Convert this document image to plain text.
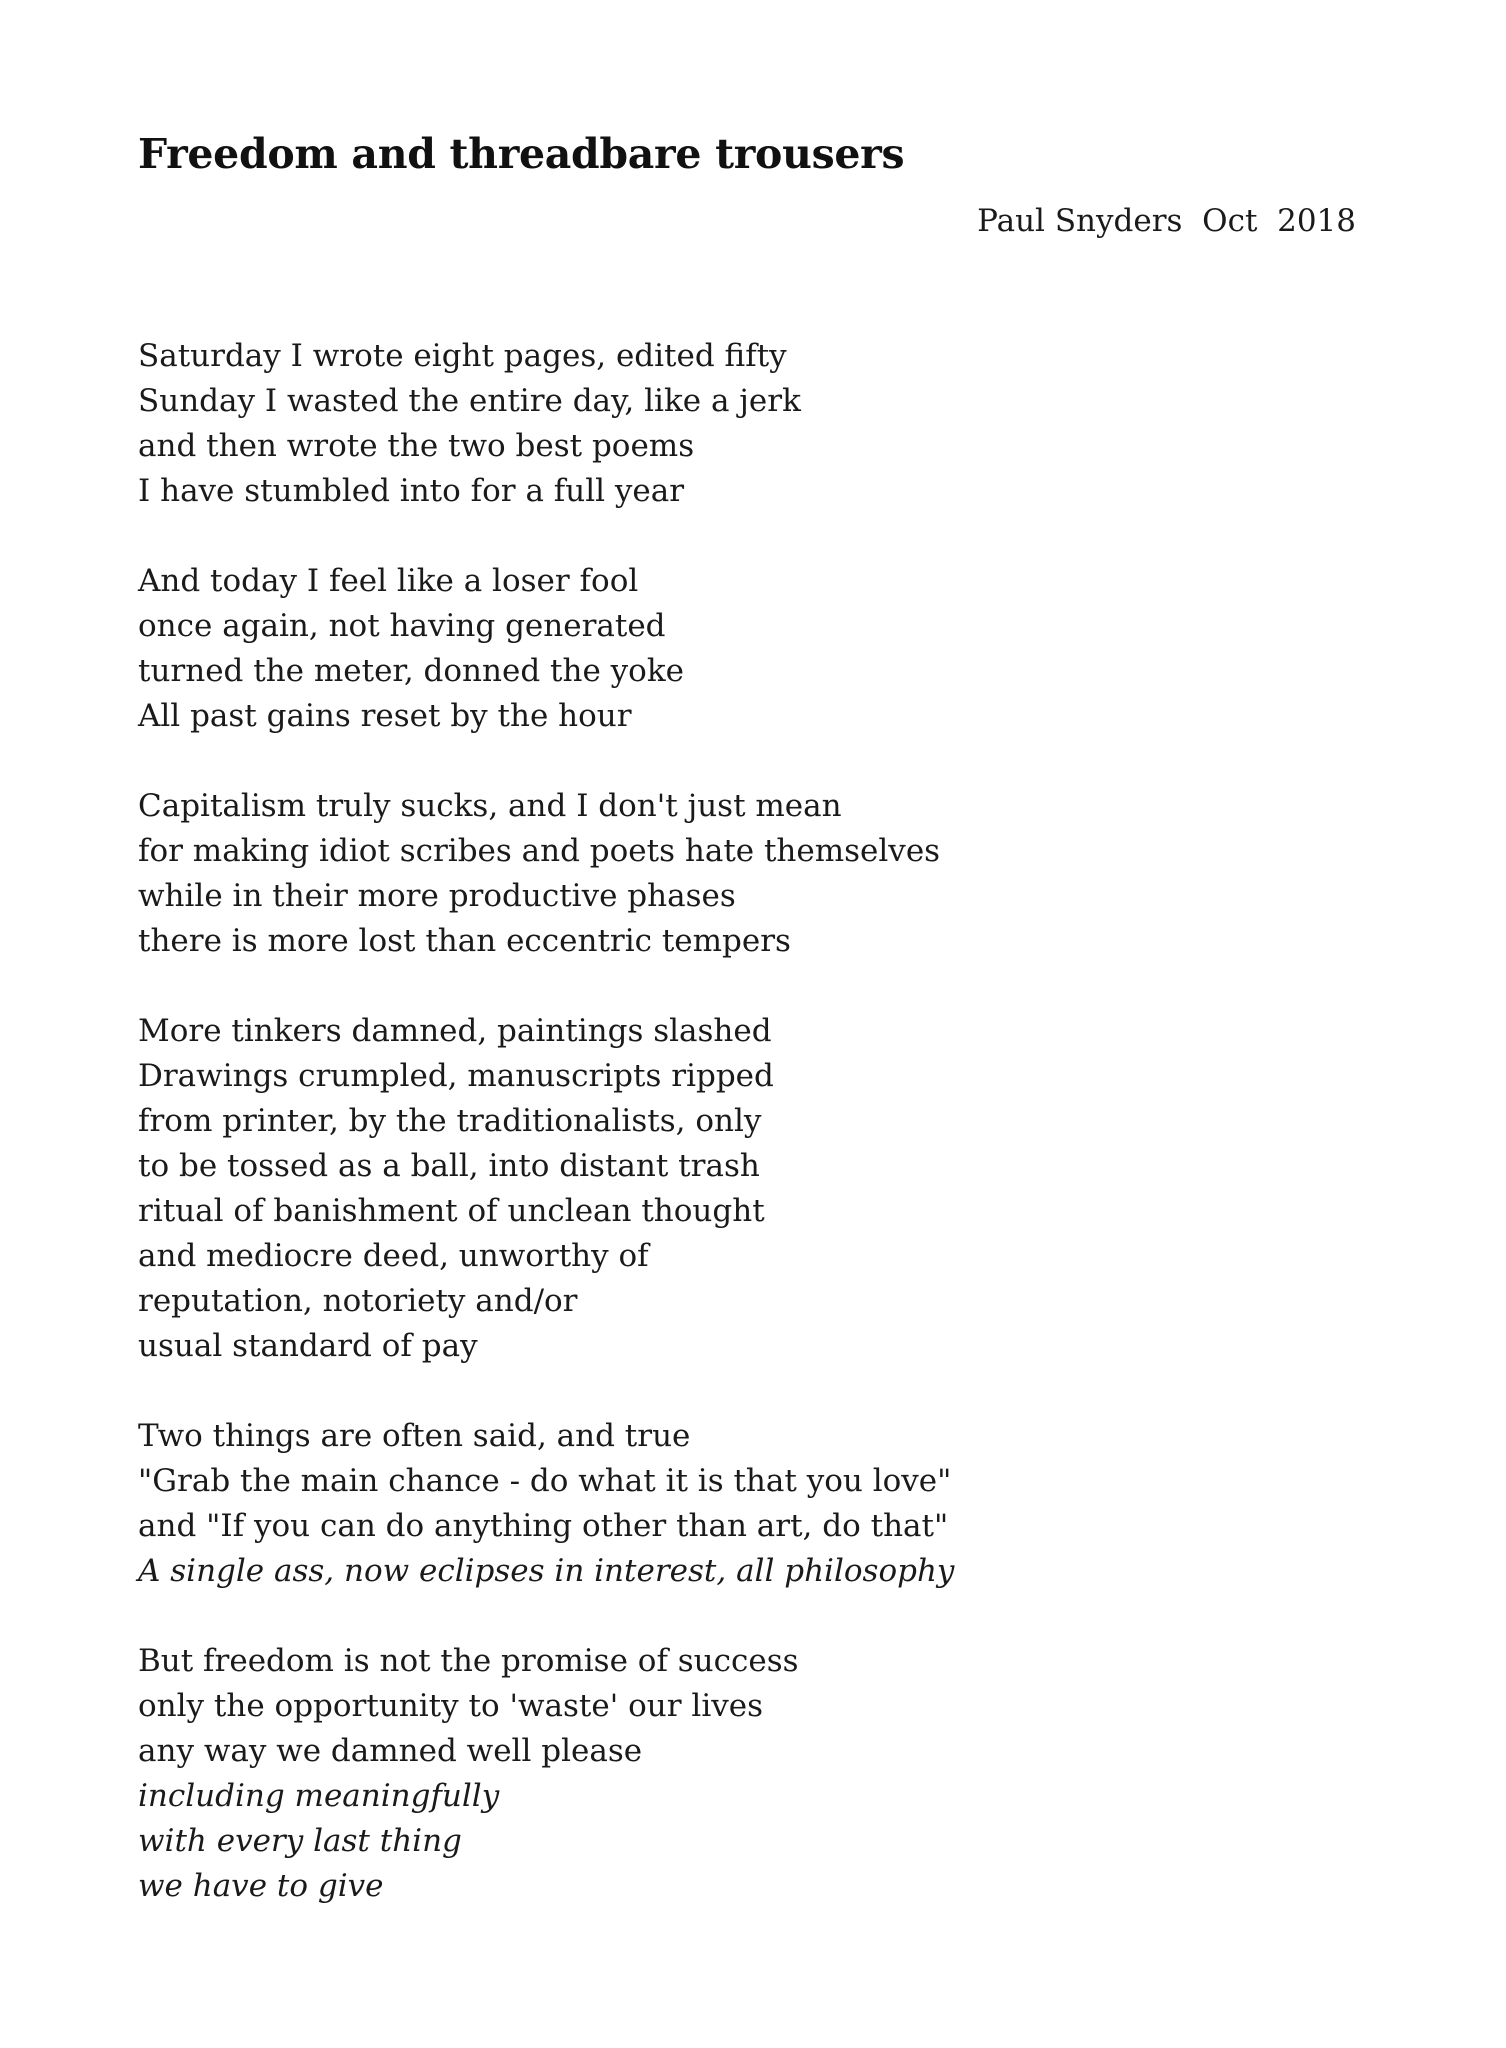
Freedom and threadbare trousers
Paul Snyders  Oct  2018
Saturday I wrote eight pages, edited fifty
Sunday I wasted the entire day, like a jerk
and then wrote the two best poems
I have stumbled into for a full year
And today I feel like a loser fool
once again, not having generated
turned the meter, donned the yoke
All past gains reset by the hour
Capitalism truly sucks, and I don't just mean
for making idiot scribes and poets hate themselves
while in their more productive phases
there is more lost than eccentric tempers
More tinkers damned, paintings slashed
Drawings crumpled, manuscripts ripped
from printer, by the traditionalists, only
to be tossed as a ball, into distant trash
ritual of banishment of unclean thought
and mediocre deed, unworthy of
reputation, notoriety and/or
usual standard of pay
Two things are often said, and true
"Grab the main chance - do what it is that you love"
and "If you can do anything other than art, do that"
A single ass, now eclipses in interest, all philosophy
But freedom is not the promise of success
only the opportunity to 'waste' our lives
any way we damned well please
including meaningfully
with every last thing
we have to give
